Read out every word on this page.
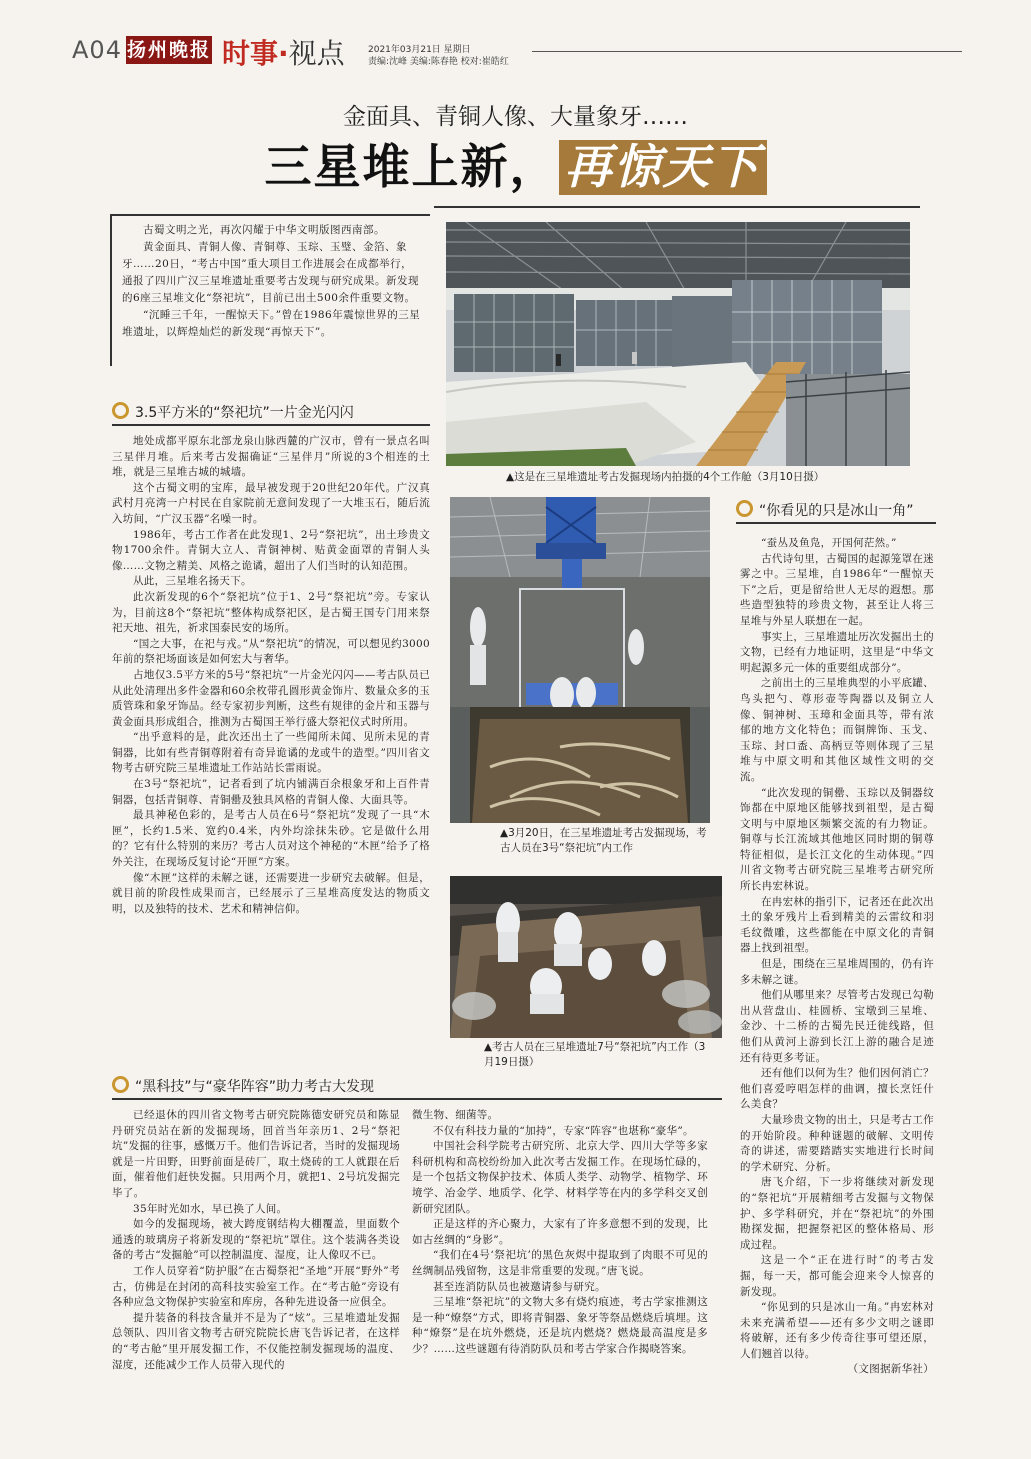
A04 扬州晚报 时事·视点	2021年03月21日 星期日
责编:沈峰 美编:陈春艳 校对:崔皓红
金面具、青铜人像、大量象牙……
三星堆上新， 再惊天下

古蜀文明之光，再次闪耀于中华文明版图西南部。

黄金面具、青铜人像、青铜尊、玉琮、玉璧、金箔、象牙……20日，“考古中国”重大项目工作进展会在成都举行，通报了四川广汉三星堆遗址重要考古发现与研究成果。新发现的6座三星堆文化“祭祀坑”，目前已出土500余件重要文物。

“沉睡三千年，一醒惊天下。”曾在1986年震惊世界的三星堆遗址，以辉煌灿烂的新发现“再惊天下”。

3.5平方米的“祭祀坑”一片金光闪闪

地处成都平原东北部龙泉山脉西麓的广汉市，曾有一景点名叫三星伴月堆。后来考古发掘确证“三星伴月”所说的3个相连的土堆，就是三星堆古城的城墙。

这个古蜀文明的宝库，最早被发现于20世纪20年代。广汉真武村月亮湾一户村民在自家院前无意间发现了一大堆玉石，随后流入坊间，“广汉玉器”名噪一时。

1986年，考古工作者在此发现1、2号“祭祀坑”，出土珍贵文物1700余件。青铜大立人、青铜神树、贴黄金面罩的青铜人头像……文物之精美、风格之诡谲，超出了人们当时的认知范围。

从此，三星堆名扬天下。

此次新发现的6个“祭祀坑”位于1、2号“祭祀坑”旁。专家认为，目前这8个“祭祀坑”整体构成祭祀区，是古蜀王国专门用来祭祀天地、祖先，祈求国泰民安的场所。

“国之大事，在祀与戎。”从“祭祀坑”的情况，可以想见约3000年前的祭祀场面该是如何宏大与奢华。

占地仅3.5平方米的5号“祭祀坑”一片金光闪闪——考古队员已从此处清理出多件金器和60余枚带孔圆形黄金饰片、数量众多的玉质管珠和象牙饰品。经专家初步判断，这些有规律的金片和玉器与黄金面具形成组合，推测为古蜀国王举行盛大祭祀仪式时所用。

“出乎意料的是，此次还出土了一些闻所未闻、见所未见的青铜器，比如有些青铜尊附着有奇异诡谲的龙或牛的造型。”四川省文物考古研究院三星堆遗址工作站站长雷雨说。

在3号“祭祀坑”，记者看到了坑内铺满百余根象牙和上百件青铜器，包括青铜尊、青铜罍及独具风格的青铜人像、大面具等。

最具神秘色彩的，是考古人员在6号“祭祀坑”发现了一具“木匣”，长约1.5米、宽约0.4米，内外均涂抹朱砂。它是做什么用的？它有什么特别的来历？考古人员对这个神秘的“木匣”给予了格外关注，在现场反复讨论“开匣”方案。

像“木匣”这样的未解之谜，还需要进一步研究去破解。但是，就目前的阶段性成果而言，已经展示了三星堆高度发达的物质文明，以及独特的技术、艺术和精神信仰。

▲这是在三星堆遗址考古发掘现场内拍摄的4个工作舱（3月10日摄）
▲3月20日，在三星堆遗址考古发掘现场，考古人员在3号“祭祀坑”内工作
▲考古人员在三星堆遗址7号“祭祀坑”内工作（3月19日摄）
“你看见的只是冰山一角”

“蚕丛及鱼凫，开国何茫然。”

古代诗句里，古蜀国的起源笼罩在迷雾之中。三星堆，自1986年“一醒惊天下”之后，更是留给世人无尽的遐想。那些造型独特的珍贵文物，甚至让人将三星堆与外星人联想在一起。

事实上，三星堆遗址历次发掘出土的文物，已经有力地证明，这里是“中华文明起源多元一体的重要组成部分”。

之前出土的三星堆典型的小平底罐、鸟头把勺、尊形壶等陶器以及铜立人像、铜神树、玉璋和金面具等，带有浓郁的地方文化特色；而铜牌饰、玉戈、玉琮、封口盉、高柄豆等则体现了三星堆与中原文明和其他区域性文明的交流。

“此次发现的铜罍、玉琮以及铜器纹饰都在中原地区能够找到祖型，是古蜀文明与中原地区频繁交流的有力物证。铜尊与长江流域其他地区同时期的铜尊特征相似，是长江文化的生动体现。”四川省文物考古研究院三星堆考古研究所所长冉宏林说。

在冉宏林的指引下，记者还在此次出土的象牙残片上看到精美的云雷纹和羽毛纹微雕，这些都能在中原文化的青铜器上找到祖型。

但是，围绕在三星堆周围的，仍有许多未解之谜。

他们从哪里来？尽管考古发现已勾勒出从营盘山、桂圆桥、宝墩到三星堆、金沙、十二桥的古蜀先民迁徙线路，但他们从黄河上游到长江上游的融合足迹还有待更多考证。

还有他们以何为生？他们因何消亡？他们喜爱哼唱怎样的曲调，擅长烹饪什么美食？

大量珍贵文物的出土，只是考古工作的开始阶段。种种谜题的破解、文明传奇的讲述，需要踏踏实实地进行长时间的学术研究、分析。

唐飞介绍，下一步将继续对新发现的“祭祀坑”开展精细考古发掘与文物保护、多学科研究，并在“祭祀坑”的外围勘探发掘，把握祭祀区的整体格局、形成过程。

这是一个“正在进行时”的考古发掘，每一天，都可能会迎来令人惊喜的新发现。

“你见到的只是冰山一角。”冉宏林对未来充满希望——还有多少文明之谜即将破解，还有多少传奇往事可望还原，人们翘首以待。

（文图据新华社）

“黑科技”与“豪华阵容”助力考古大发现

已经退休的四川省文物考古研究院陈德安研究员和陈显丹研究员站在新的发掘现场，回首当年亲历1、2号“祭祀坑”发掘的往事，感慨万千。他们告诉记者，当时的发掘现场就是一片田野，田野前面是砖厂，取土烧砖的工人就跟在后面，催着他们赶快发掘。只用两个月，就把1、2号坑发掘完毕了。

35年时光如水，早已换了人间。

如今的发掘现场，被大跨度钢结构大棚覆盖，里面数个通透的玻璃房子将新发现的“祭祀坑”罩住。这个装满各类设备的考古“发掘舱”可以控制温度、湿度，让人像叹不已。

工作人员穿着“防护服”在古蜀祭祀“圣地”开展“野外”考古，仿佛是在封闭的高科技实验室工作。在“考古舱”旁设有各种应急文物保护实验室和库房，各种先进设备一应俱全。

提升装备的科技含量并不是为了“炫”。三星堆遗址发掘总领队、四川省文物考古研究院院长唐飞告诉记者，在这样的“考古舱”里开展发掘工作，不仅能控制发掘现场的温度、湿度，还能减少工作人员带入现代的

微生物、细菌等。

不仅有科技力量的“加持”，专家“阵容”也堪称“豪华”。

中国社会科学院考古研究所、北京大学、四川大学等多家科研机构和高校纷纷加入此次考古发掘工作。在现场忙碌的，是一个包括文物保护技术、体质人类学、动物学、植物学、环境学、冶金学、地质学、化学、材料学等在内的多学科交叉创新研究团队。

正是这样的齐心聚力，大家有了许多意想不到的发现，比如古丝绸的“身影”。

“我们在4号‘祭祀坑’的黑色灰烬中提取到了肉眼不可见的丝绸制品残留物，这是非常重要的发现。”唐飞说。

甚至连消防队员也被邀请参与研究。

三星堆“祭祀坑”的文物大多有烧灼痕迹，考古学家推测这是一种“燎祭”方式，即将青铜器、象牙等祭品燃烧后填埋。这种“燎祭”是在坑外燃烧，还是坑内燃烧？燃烧最高温度是多少？……这些谜题有待消防队员和考古学家合作揭晓答案。
